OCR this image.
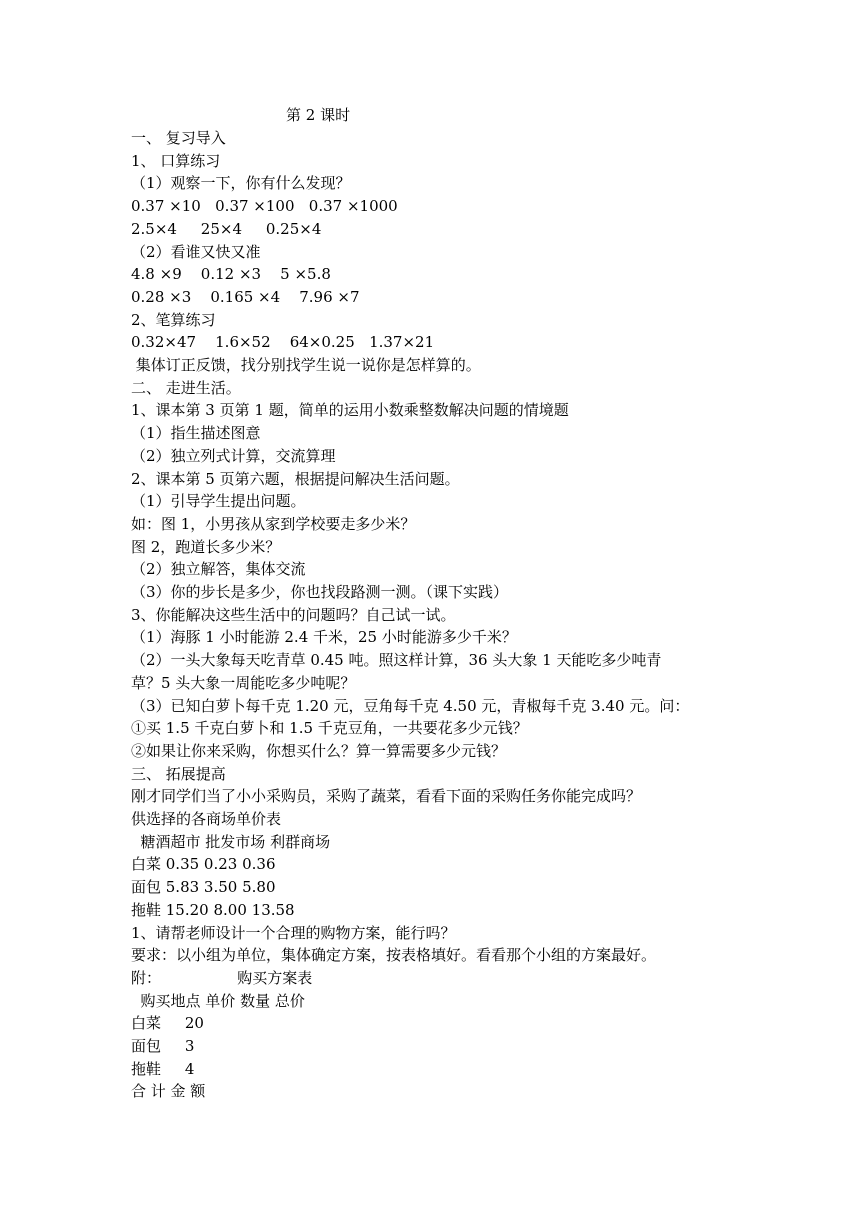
第 2 课时
一、 复习导入
1、 口算练习
（1）观察一下，你有什么发现？
0.37 ×10   0.37 ×100   0.37 ×1000
2.5×4     25×4     0.25×4
（2）看谁又快又准
4.8 ×9    0.12 ×3    5 ×5.8
0.28 ×3    0.165 ×4    7.96 ×7
2、笔算练习
0.32×47    1.6×52    64×0.25   1.37×21
集体订正反馈，找分别找学生说一说你是怎样算的。
二、 走进生活。
1、课本第 3 页第 1 题，简单的运用小数乘整数解决问题的情境题
（1）指生描述图意
（2）独立列式计算，交流算理
2、课本第 5 页第六题，根据提问解决生活问题。
（1）引导学生提出问题。
如：图 1，小男孩从家到学校要走多少米？
图 2，跑道长多少米？
（2）独立解答，集体交流
（3）你的步长是多少，你也找段路测一测。（课下实践）
3、你能解决这些生活中的问题吗？自己试一试。
（1）海豚 1 小时能游 2.4 千米，25 小时能游多少千米？
（2）一头大象每天吃青草 0.45 吨。照这样计算，36 头大象 1 天能吃多少吨青
草？5 头大象一周能吃多少吨呢？
（3）已知白萝卜每千克 1.20 元，豆角每千克 4.50 元，青椒每千克 3.40 元。问：
①买 1.5 千克白萝卜和 1.5 千克豆角，一共要花多少元钱？
②如果让你来采购，你想买什么？算一算需要多少元钱？
三、 拓展提高
刚才同学们当了小小采购员，采购了蔬菜，看看下面的采购任务你能完成吗？
供选择的各商场单价表
糖酒超市 批发市场 利群商场
白菜 0.35 0.23 0.36
面包 5.83 3.50 5.80
拖鞋 15.20 8.00 13.58
1、请帮老师设计一个合理的购物方案，能行吗？
要求：以小组为单位，集体确定方案，按表格填好。看看那个小组的方案最好。
附：                购买方案表
购买地点 单价 数量 总价
白菜     20
面包     3
拖鞋     4
合 计 金 额
